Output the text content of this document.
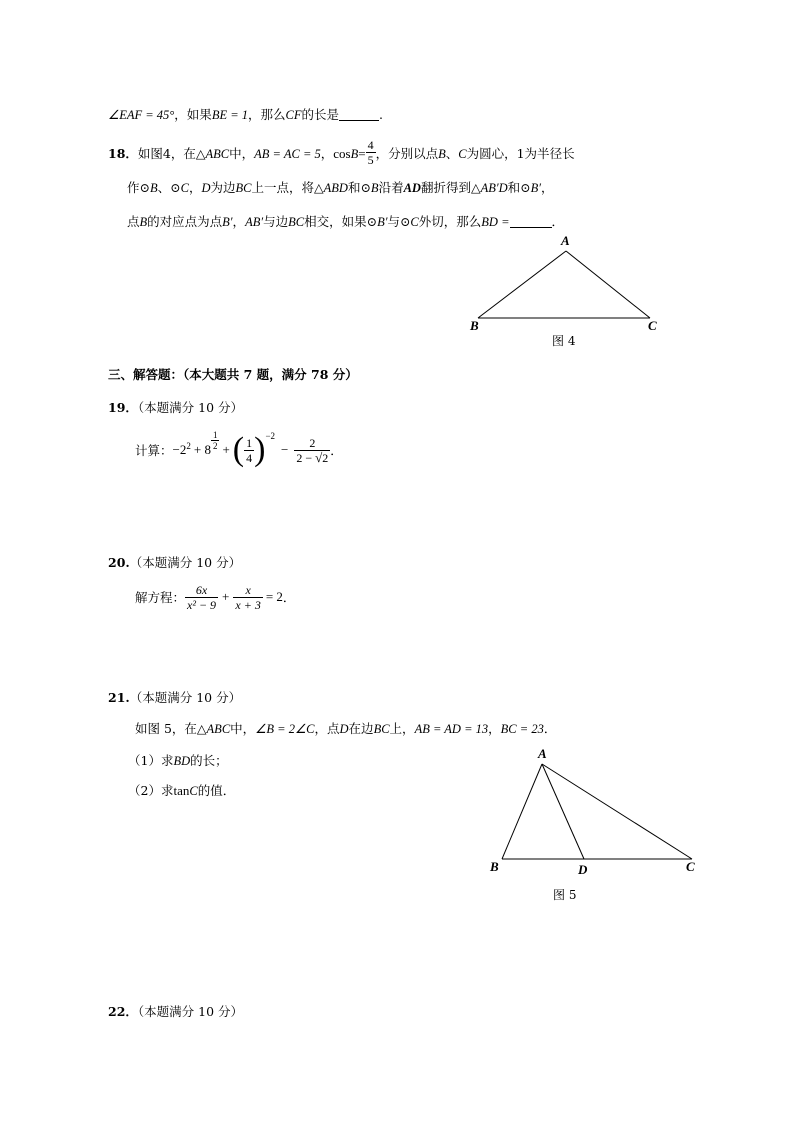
∠EAF = 45°，如果BE = 1，那么CF的长是	.
18．如图4，在△ABC中，AB = AC = 5，$\cos B= \frac{4}{5}$ ，分别以点B、C为圆心，1为半径长
作⊙B、⊙C，D为边BC上一点，将△ABD和⊙B沿着AD翻折得到△AB′D和⊙B′，
点B的对应点为点B′，AB′与边BC相交，如果⊙B′与⊙C外切，那么BD =	．
A
B	C
图 4
三、解答题：（本大题共 7 题，满分 78 分）
19．（本题满分 10 分）
计算： $-2^2 + 8 \frac{1}{2}$ + ( $\frac{1}{4} )^{-2}$
− $\frac{2}{2 - √2}$ ．
20.（本题满分 10 分）
解方程： $\frac{6x}{\text{x² − 9}} + \frac{x}{x + 3} = 2$ ．
21.（本题满分 10 分）
如图 5，在△ABC中，∠B = 2∠C，点D在边BC上，AB = AD = 13，BC = 23．
（1）求BD的长；
（2）求tanC的值．
A
B	D	C
图 5
22．（本题满分 10 分）
